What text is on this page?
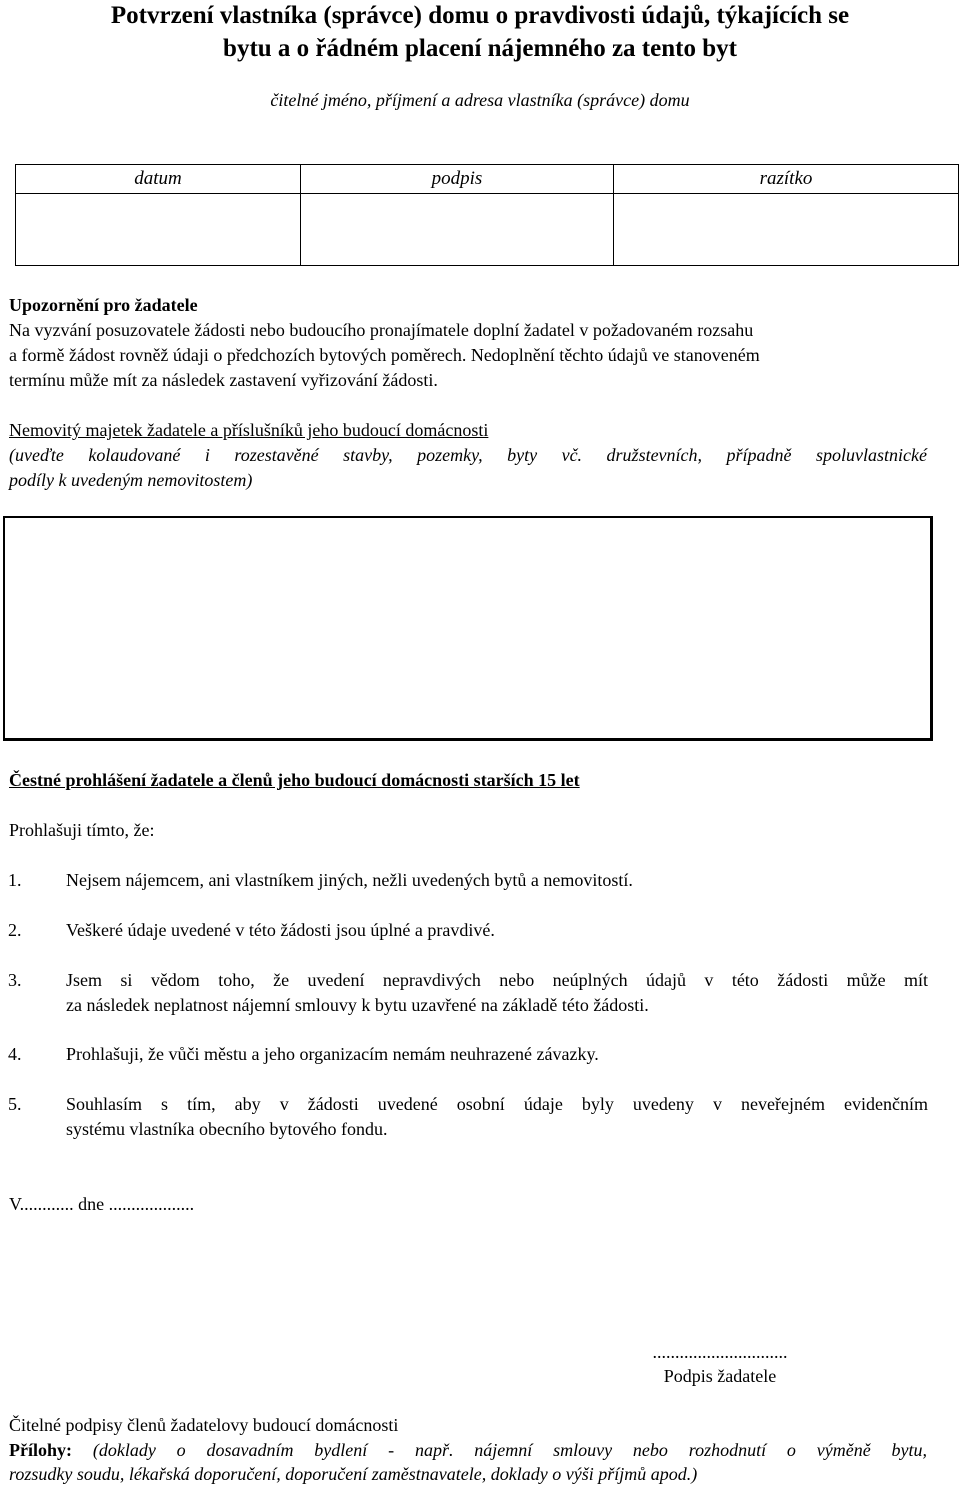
Potvrzení vlastníka (správce) domu o pravdivosti údajů, týkajících se
bytu a o řádném placení nájemného za tento byt
čitelné jméno, příjmení a adresa vlastníka (správce) domu
datum	podpis	razítko
Upozornění pro žadatele
Na vyzvání posuzovatele žádosti nebo budoucího pronajímatele doplní žadatel v požadovaném rozsahu
a formě žádost rovněž údaji o předchozích bytových poměrech. Nedoplnění těchto údajů ve stanoveném
termínu může mít za následek zastavení vyřizování žádosti.
Nemovitý majetek žadatele a příslušníků jeho budoucí domácnosti
(uveďte kolaudované i rozestavěné stavby, pozemky, byty vč. družstevních, případně spoluvlastnické
podíly k uvedeným nemovitostem)
Čestné prohlášení žadatele a členů jeho budoucí domácnosti starších 15 let
Prohlašuji tímto, že:
1. Nejsem nájemcem, ani vlastníkem jiných, nežli uvedených bytů a nemovitostí.
2. Veškeré údaje uvedené v této žádosti jsou úplné a pravdivé.
3. Jsem si vědom toho, že uvedení nepravdivých nebo neúplných údajů v této žádosti může mít
za následek neplatnost nájemní smlouvy k bytu uzavřené na základě této žádosti.
4. Prohlašuji, že vůči městu a jeho organizacím nemám neuhrazené závazky.
5. Souhlasím s tím, aby v žádosti uvedené osobní údaje byly uvedeny v neveřejném evidenčním
systému vlastníka obecního bytového fondu.
V............ dne ...................
..............................
Podpis žadatele
Čitelné podpisy členů žadatelovy budoucí domácnosti
Přílohy: (doklady o dosavadním bydlení - např. nájemní smlouvy nebo rozhodnutí o výměně bytu,
rozsudky soudu, lékařská doporučení, doporučení zaměstnavatele, doklady o výši příjmů apod.)
